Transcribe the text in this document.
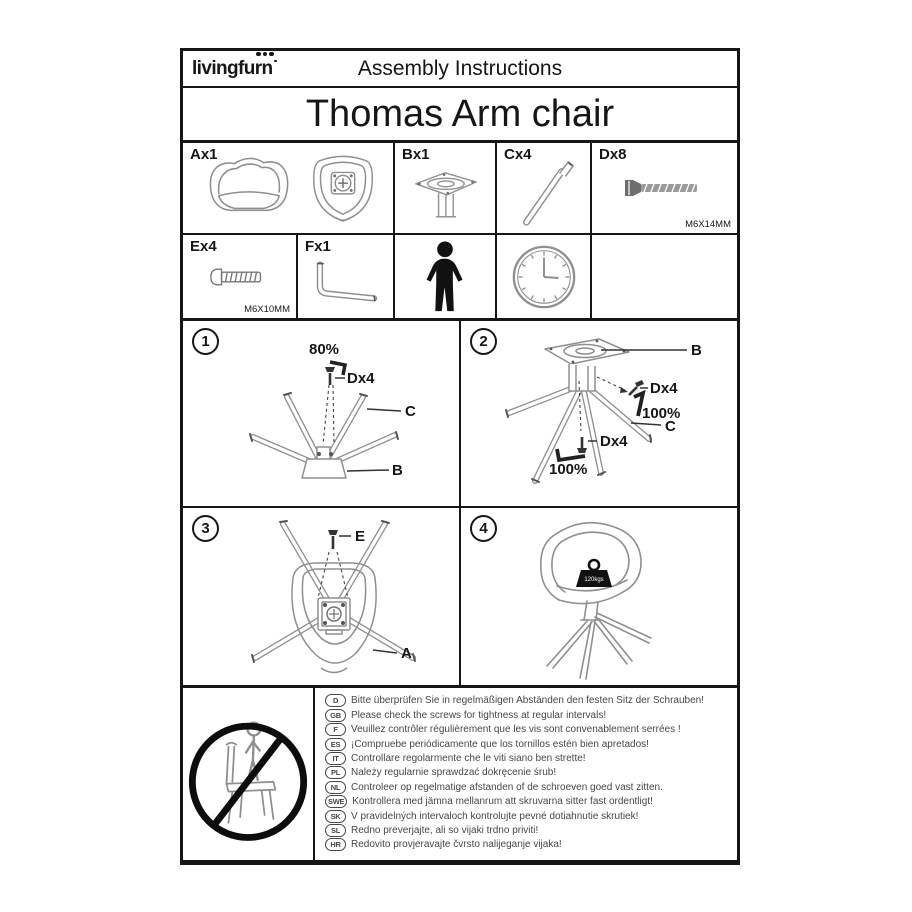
livingfurn	Assembly Instructions
Thomas Arm chair
Ax1	Bx1	Cx4	Dx8
M6X14MM
Ex4
M6X10MM
Fx1
1	80%
Dx4
C
B
2
B
Dx4
100%
C
Dx4
100%
3	E
A
4
120kgs
D	Bitte überprüfen Sie in regelmäßigen Abständen den festen Sitz der Schrauben!
GB	Please check the screws for tightness at regular intervals!
F	Veuillez contrôler régulièrement que les vis sont convenablement serrées !
ES	¡Compruebe periódicamente que los tornillos estén bien apretados!
IT	Controllare regolarmente che le viti siano ben strette!
PL	Należy regularnie sprawdzać dokręcenie śrub!
NL	Controleer op regelmatige afstanden of de schroeven goed vast zitten.
SWE Kontrollera med jämna mellanrum att skruvarna sitter fast ordentligt!
SK	V pravidelných intervaloch kontrolujte pevné dotiahnutie skrutiek!
SL	Redno preverjajte, ali so vijaki trdno priviti!
HR	Redovito provjeravajte čvrsto nalijeganje vijaka!
